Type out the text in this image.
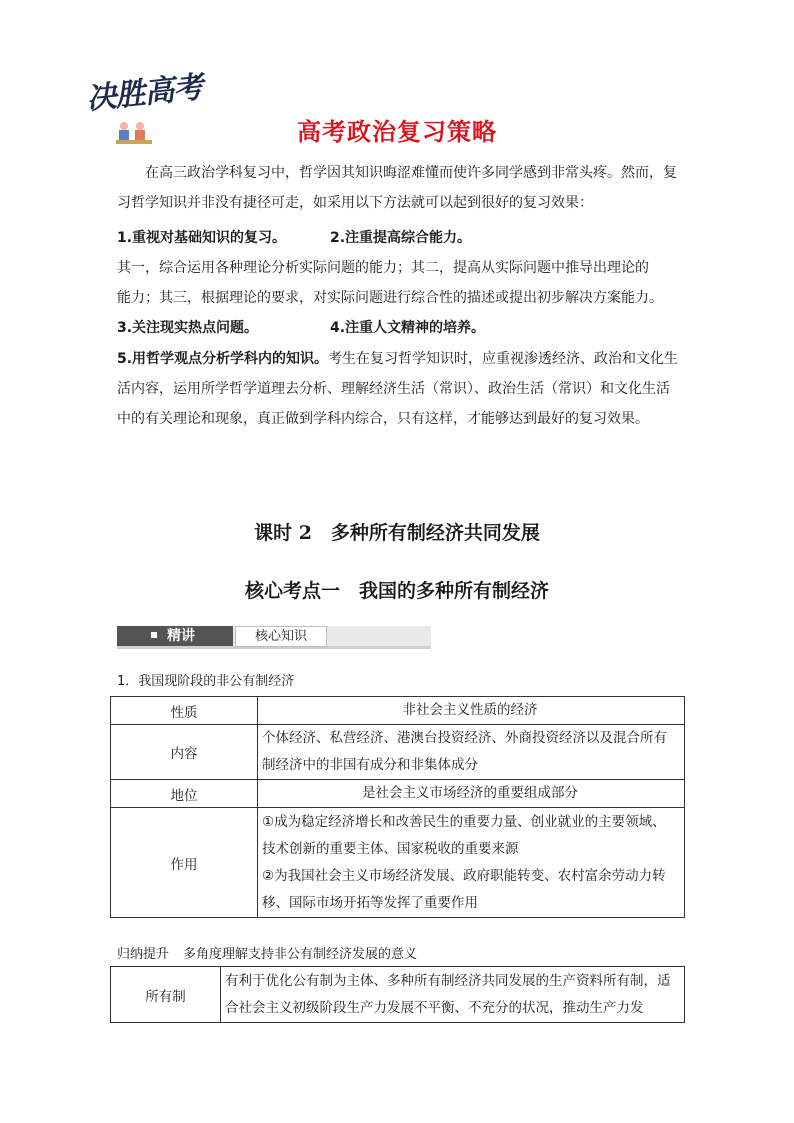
决胜高考
高考政治复习策略
在高三政治学科复习中，哲学因其知识晦涩难懂而使许多同学感到非常头疼。然而，复习哲学知识并非没有捷径可走，如采用以下方法就可以起到很好的复习效果：
1.重视对基础知识的复习。	2.注重提高综合能力。
其一，综合运用各种理论分析实际问题的能力；其二，提高从实际问题中推导出理论的
能力；其三，根据理论的要求，对实际问题进行综合性的描述或提出初步解决方案能力。
3.关注现实热点问题。	4.注重人文精神的培养。
5.用哲学观点分析学科内的知识。考生在复习哲学知识时，应重视渗透经济、政治和文化生活内容，运用所学哲学道理去分析、理解经济生活（常识）、政治生活（常识）和文化生活中的有关理论和现象，真正做到学科内综合，只有这样，才能够达到最好的复习效果。
课时 2　多种所有制经济共同发展
核心考点一　我国的多种所有制经济
精讲	核心知识
1．我国现阶段的非公有制经济
性质	非社会主义性质的经济
内容	个体经济、私营经济、港澳台投资经济、外商投资经济以及混合所有制经济中的非国有成分和非集体成分
地位	是社会主义市场经济的重要组成部分
作用	①成为稳定经济增长和改善民生的重要力量、创业就业的主要领域、技术创新的重要主体、国家税收的重要来源
②为我国社会主义市场经济发展、政府职能转变、农村富余劳动力转移、国际市场开拓等发挥了重要作用
归纳提升 多角度理解支持非公有制经济发展的意义
所有制	有利于优化公有制为主体、多种所有制经济共同发展的生产资料所有制，适合社会主义初级阶段生产力发展不平衡、不充分的状况，推动生产力发
